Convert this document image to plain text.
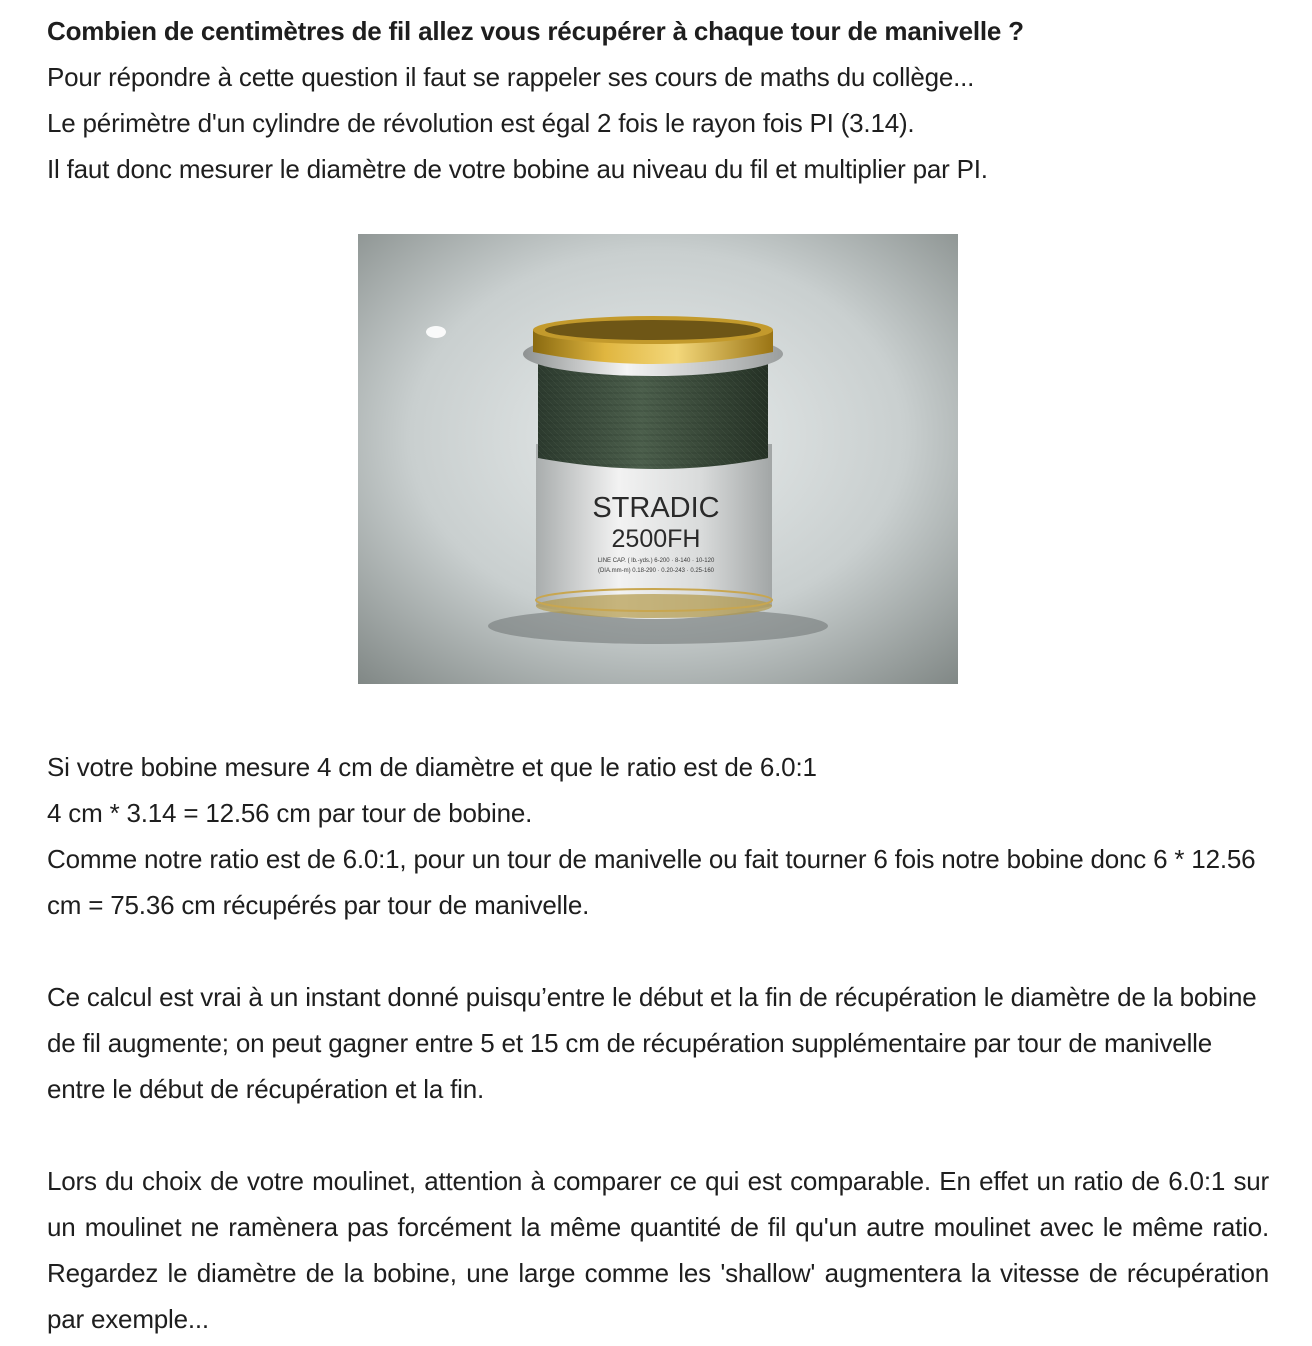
Combien de centimètres de fil allez vous récupérer à chaque tour de manivelle ?

Pour répondre à cette question il faut se rappeler ses cours de maths du collège...

Le périmètre d'un cylindre de révolution est égal 2 fois le rayon fois PI (3.14).

Il faut donc mesurer le diamètre de votre bobine au niveau du fil et multiplier par PI.

STRADIC
2500FH
LINE CAP. ( lb.-yds.) 6-200 · 8-140 · 10-120
(DIA.mm-m) 0.18-290 · 0.20-243 · 0.25-160

Si votre bobine mesure 4 cm de diamètre et que le ratio est de 6.0:1

4 cm * 3.14 = 12.56 cm par tour de bobine.

Comme notre ratio est de 6.0:1, pour un tour de manivelle ou fait tourner 6 fois notre bobine donc 6 * 12.56 cm = 75.36 cm récupérés par tour de manivelle.

Ce calcul est vrai à un instant donné puisqu’entre le début et la fin de récupération le diamètre de la bobine de fil augmente; on peut gagner entre 5 et 15 cm de récupération supplémentaire par tour de manivelle entre le début de récupération et la fin.

Lors du choix de votre moulinet, attention à comparer ce qui est comparable. En effet un ratio de 6.0:1 sur un moulinet ne ramènera pas forcément la même quantité de fil qu'un autre moulinet avec le même ratio. Regardez le diamètre de la bobine, une large comme les 'shallow' augmentera la vitesse de récupération par exemple...
